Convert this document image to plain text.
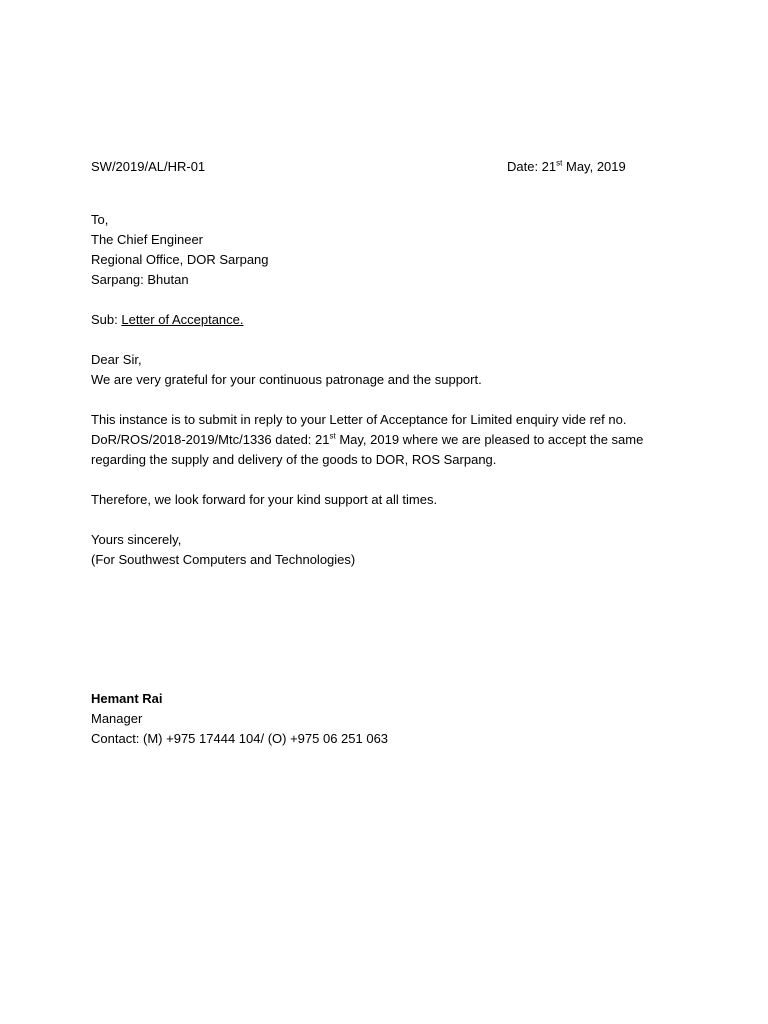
SW/2019/AL/HR-01	Date: 21st May, 2019
To,
The Chief Engineer
Regional Office, DOR Sarpang
Sarpang: Bhutan
Sub: Letter of Acceptance.
Dear Sir,
We are very grateful for your continuous patronage and the support.
This instance is to submit in reply to your Letter of Acceptance for Limited enquiry vide ref no.
DoR/ROS/2018-2019/Mtc/1336 dated: 21st May, 2019 where we are pleased to accept the same
regarding the supply and delivery of the goods to DOR, ROS Sarpang.
Therefore, we look forward for your kind support at all times.
Yours sincerely,
(For Southwest Computers and Technologies)
Hemant Rai
Manager
Contact: (M) +975 17444 104/ (O) +975 06 251 063
